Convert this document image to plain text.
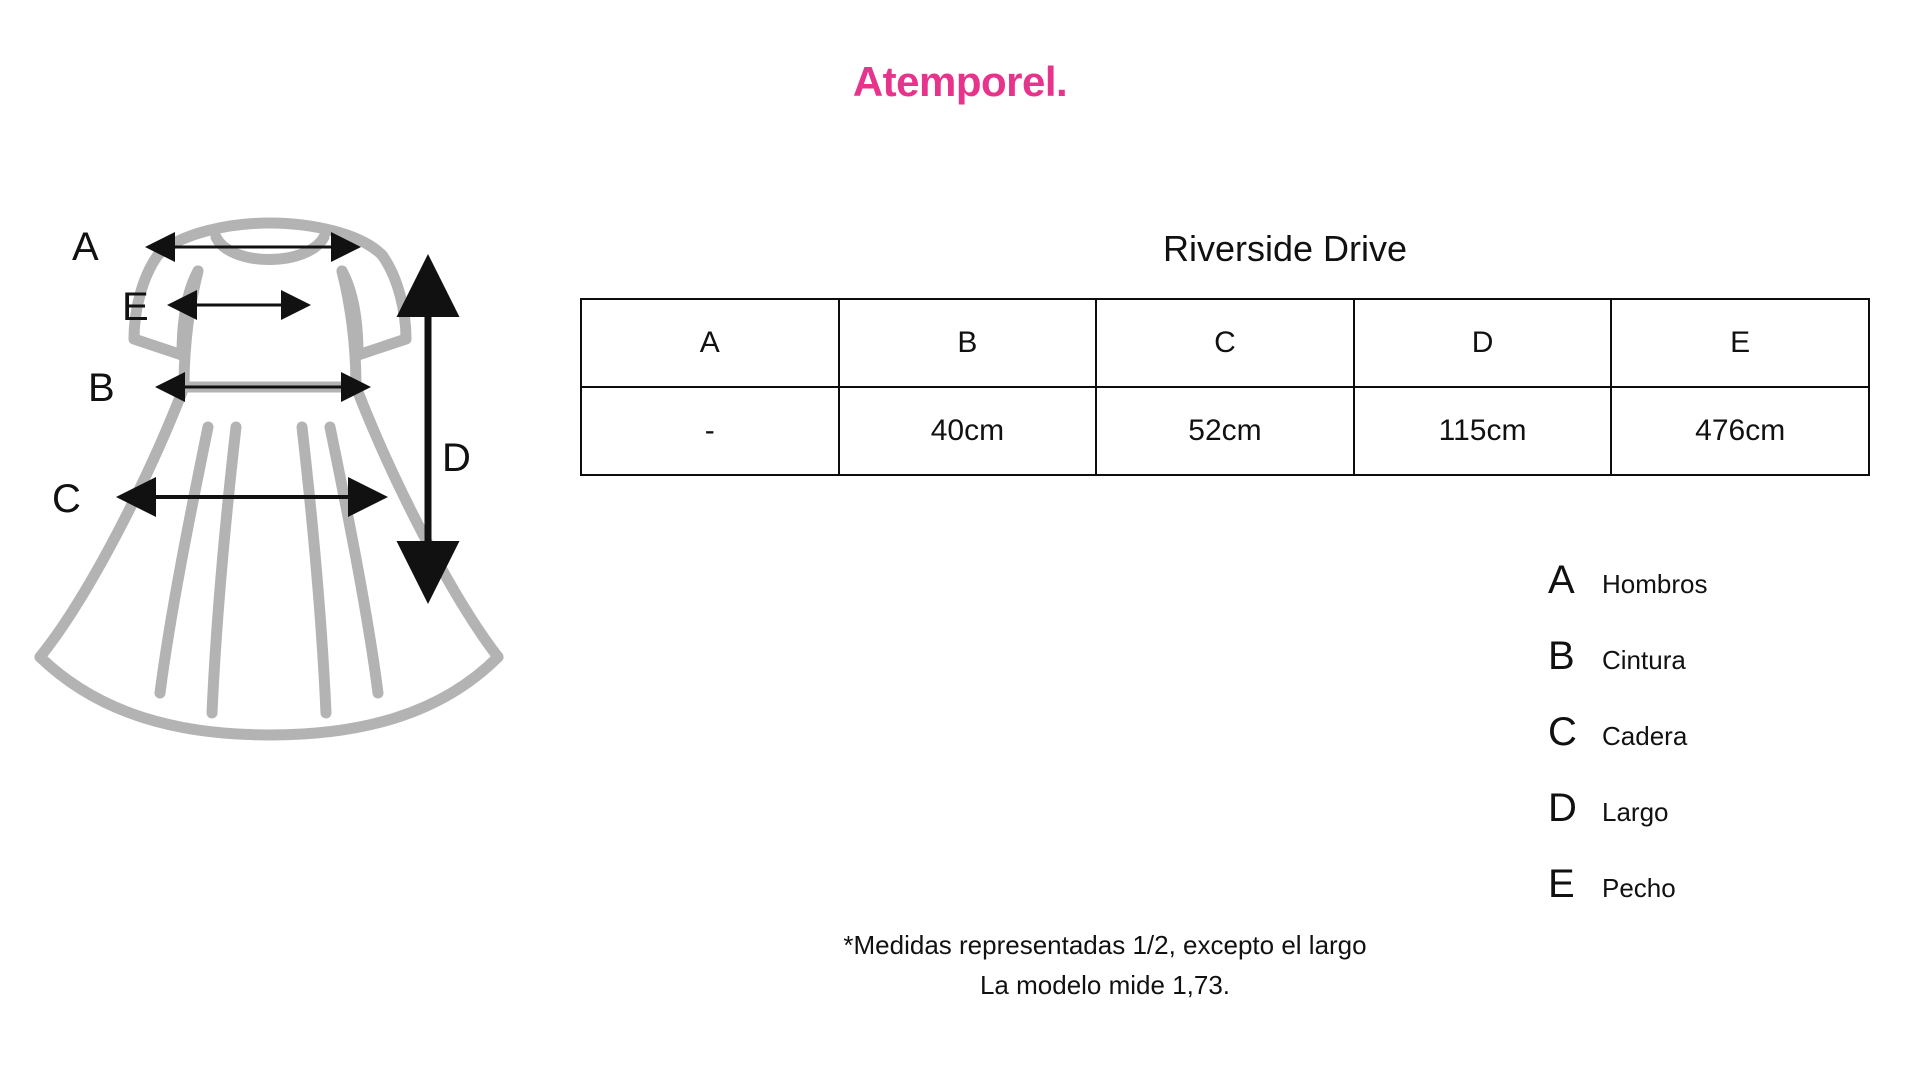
Atemporel.
A
E
B
C
D
Riverside Drive
A	B	C	D	E
-	40cm	52cm	115cm	476cm
A	Hombros
B	Cintura
C Cadera
D Largo
E	Pecho
*Medidas representadas 1/2, excepto el largo
La modelo mide 1,73.
